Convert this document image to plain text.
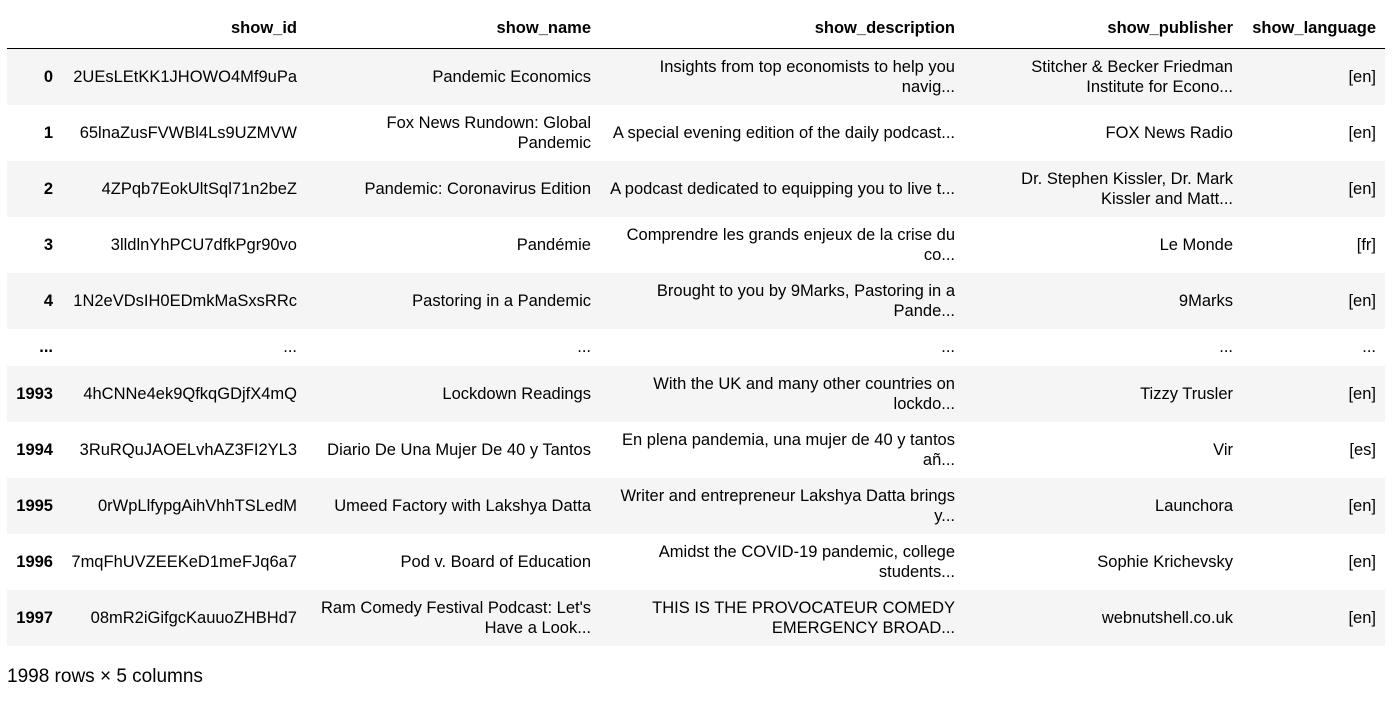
	show_id	show_name	show_description	show_publisher	show_language
0	2UEsLEtKK1JHOWO4Mf9uPa	Pandemic Economics	Insights from top economists to help you navig...	Stitcher & Becker Friedman Institute for Econo...	[en]
1	65lnaZusFVWBl4Ls9UZMVW	Fox News Rundown: Global Pandemic	A special evening edition of the daily podcast...	FOX News Radio	[en]
2	4ZPqb7EokUltSql71n2beZ	Pandemic: Coronavirus Edition	A podcast dedicated to equipping you to live t...	Dr. Stephen Kissler, Dr. Mark Kissler and Matt...	[en]
3	3lldlnYhPCU7dfkPgr90vo	Pandémie	Comprendre les grands enjeux de la crise du co...	Le Monde	[fr]
4	1N2eVDsIH0EDmkMaSxsRRc	Pastoring in a Pandemic	Brought to you by 9Marks, Pastoring in a Pande...	9Marks	[en]
...	...	...	...	...	...
1993	4hCNNe4ek9QfkqGDjfX4mQ	Lockdown Readings	With the UK and many other countries on lockdo...	Tizzy Trusler	[en]
1994	3RuRQuJAOELvhAZ3FI2YL3	Diario De Una Mujer De 40 y Tantos	En plena pandemia, una mujer de 40 y tantos añ...	Vir	[es]
1995	0rWpLlfypgAihVhhTSLedM	Umeed Factory with Lakshya Datta	Writer and entrepreneur Lakshya Datta brings y...	Launchora	[en]
1996	7mqFhUVZEEKeD1meFJq6a7	Pod v. Board of Education	Amidst the COVID-19 pandemic, college students...	Sophie Krichevsky	[en]
1997	08mR2iGifgcKauuoZHBHd7	Ram Comedy Festival Podcast: Let's Have a Look...	THIS IS THE PROVOCATEUR COMEDY EMERGENCY BROAD...	webnutshell.co.uk	[en]
1998 rows × 5 columns
